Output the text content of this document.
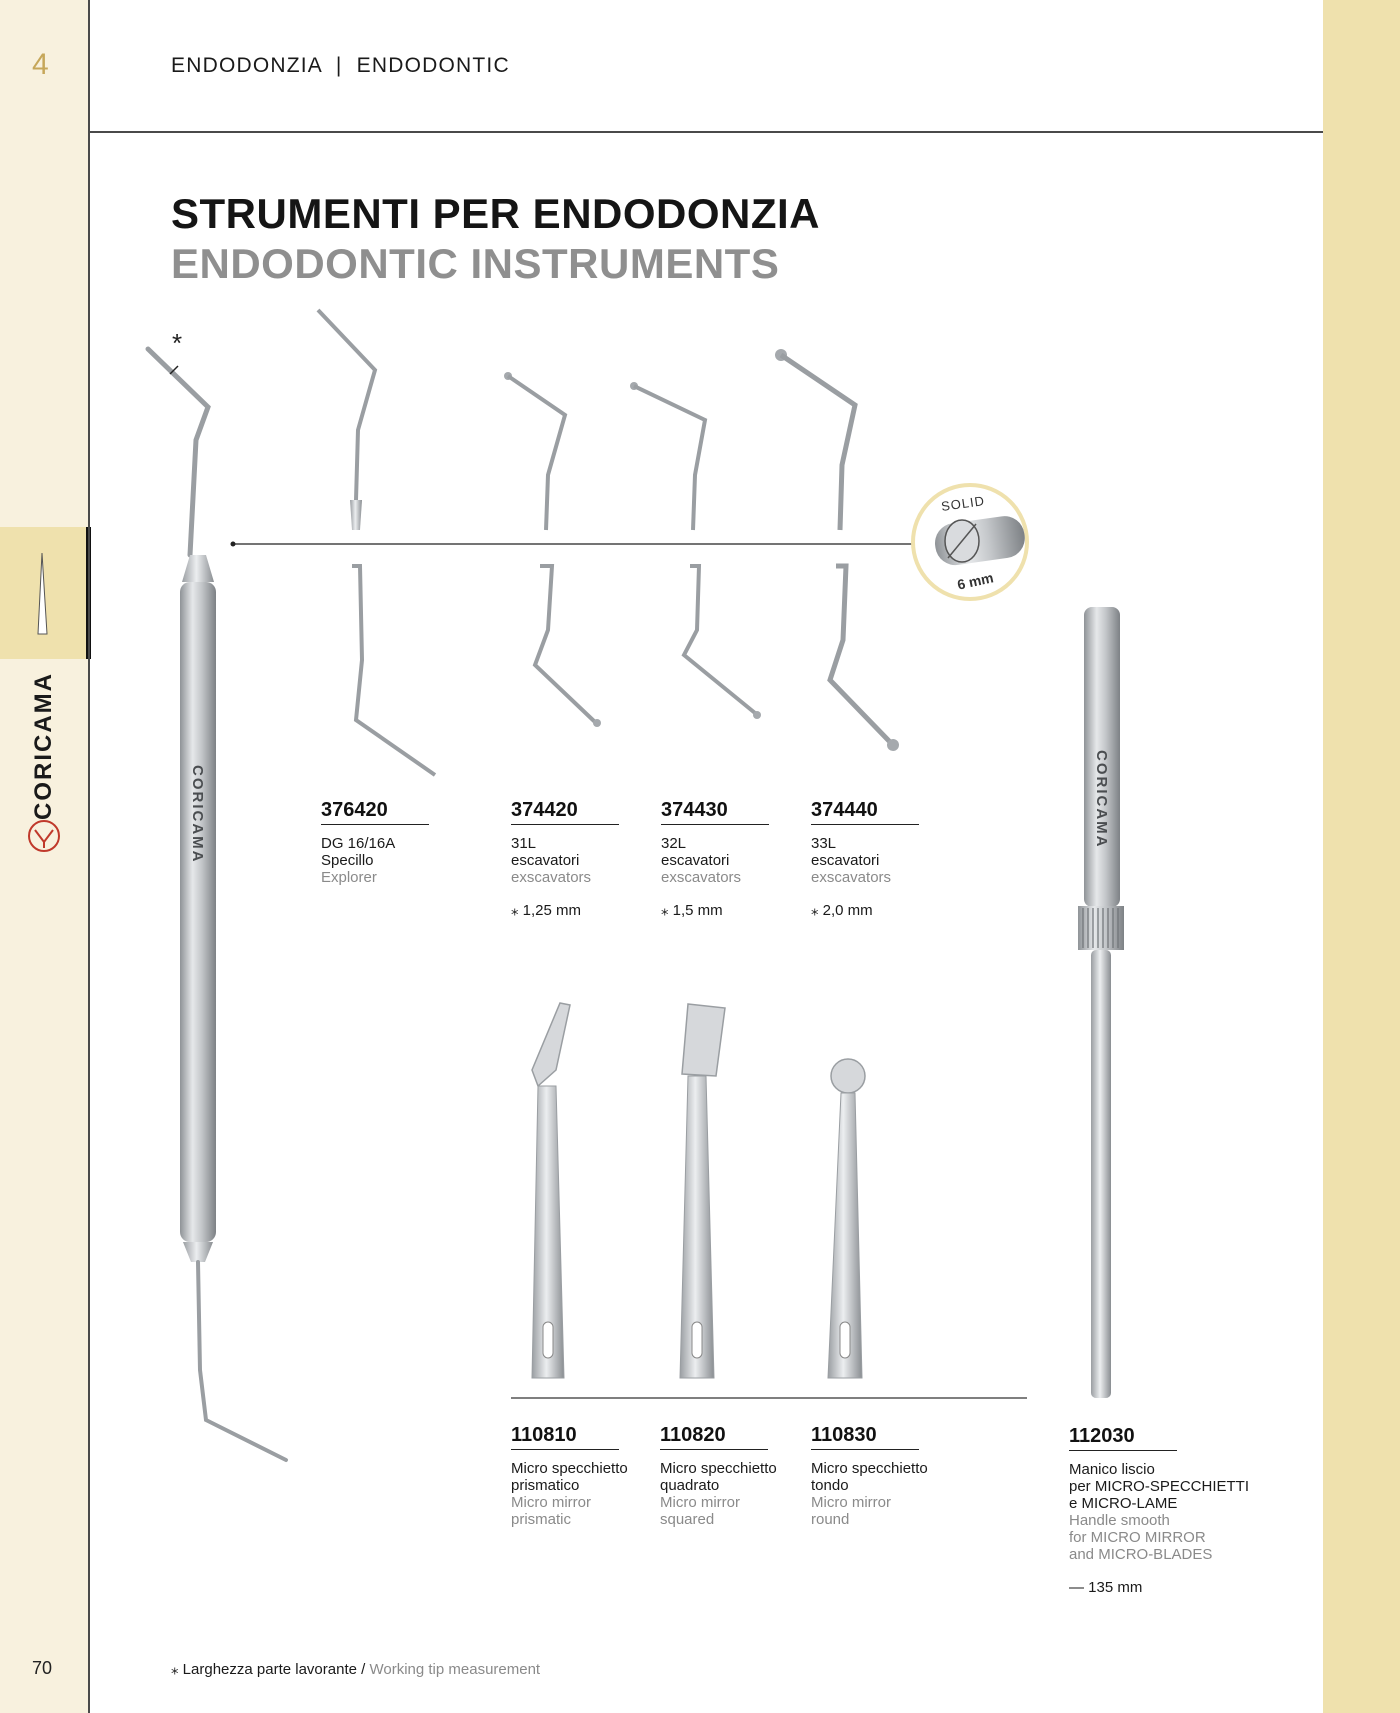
4
70
ENDODONZIA  |  ENDODONTIC
STRUMENTI PER ENDODONZIA
ENDODONTIC INSTRUMENTS
CORICAMA
*
CORICAMA
SOLID
6 mm
CORICAMA	376420
DG 16/16A
Specillo
Explorer
374420
31L
escavatori
exscavators
⁎ 1,25 mm
374430
32L
escavatori
exscavators
⁎ 1,5 mm
374440
33L
escavatori
exscavators
⁎ 2,0 mm
110810
Micro specchietto
prismatico
Micro mirror
prismatic
110820
Micro specchietto
quadrato
Micro mirror
squared
110830
Micro specchietto
tondo
Micro mirror
round
112030
Manico liscio
per MICRO-SPECCHIETTI
e MICRO-LAME
Handle smooth
for MICRO MIRROR
and MICRO-BLADES
— 135 mm
⁎ Larghezza parte lavorante / Working tip measurement
